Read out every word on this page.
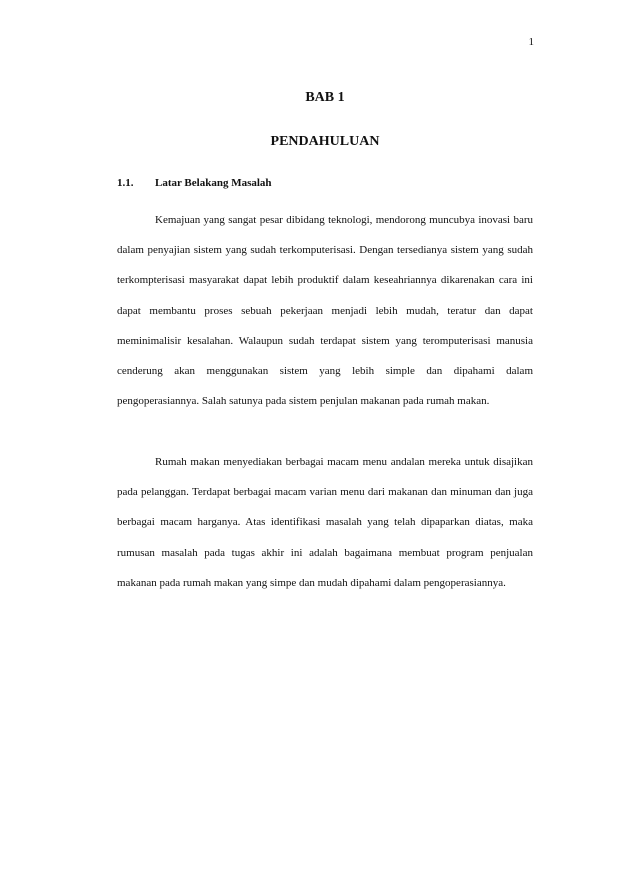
1
BAB 1
PENDAHULUAN
1.1. Latar Belakang Masalah

Kemajuan yang sangat pesar dibidang teknologi, mendorong muncubya inovasi baru dalam penyajian sistem yang sudah terkomputerisasi. Dengan tersedianya sistem yang sudah terkompterisasi masyarakat dapat lebih produktif dalam keseahriannya dikarenakan cara ini dapat membantu proses sebuah pekerjaan menjadi lebih mudah, teratur dan dapat meminimalisir kesalahan. Walaupun sudah terdapat sistem yang teromputerisasi manusia cenderung akan menggunakan sistem yang lebih simple dan dipahami dalam pengoperasiannya. Salah satunya pada sistem penjulan makanan pada rumah makan.

Rumah makan menyediakan berbagai macam menu andalan mereka untuk disajikan pada pelanggan. Terdapat berbagai macam varian menu dari makanan dan minuman dan juga berbagai macam harganya. Atas identifikasi masalah yang telah dipaparkan diatas, maka rumusan masalah pada tugas akhir ini adalah bagaimana membuat program penjualan makanan pada rumah makan yang simpe dan mudah dipahami dalam pengoperasiannya.
